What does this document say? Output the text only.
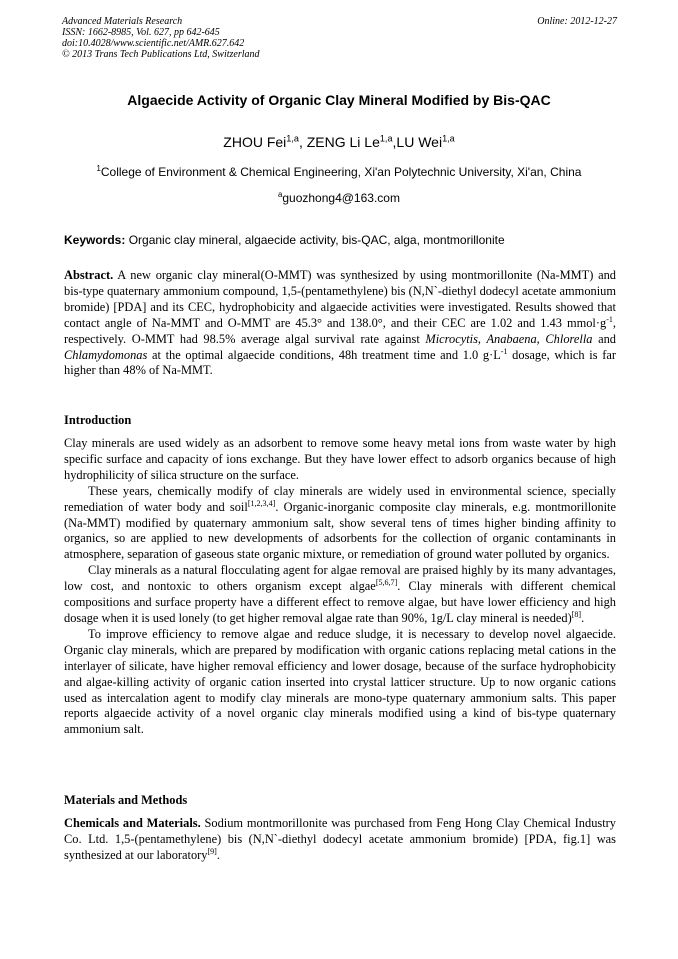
Advanced Materials Research	Online: 2012-12-27
ISSN: 1662-8985, Vol. 627, pp 642-645
doi:10.4028/www.scientific.net/AMR.627.642
© 2013 Trans Tech Publications Ltd, Switzerland
Algaecide Activity of Organic Clay Mineral Modified by Bis-QAC
ZHOU Fei$^{1,a}$, ZENG Li Le$^{1,a}$,LU Wei$^{1,a}$
$^1$College of Environment & Chemical Engineering, Xi'an Polytechnic University, Xi'an, China
$^a$guozhong4@163.com
Keywords: Organic clay mineral, algaecide activity, bis-QAC, alga, montmorillonite

Abstract. A new organic clay mineral(O-MMT) was synthesized by using montmorillonite (Na-MMT) and bis-type quaternary ammonium compound, 1,5-(pentamethylene) bis (N,N`-diethyl dodecyl acetate ammonium bromide) [PDA] and its CEC, hydrophobicity and algaecide activities were investigated. Results showed that contact angle of Na-MMT and O-MMT are 45.3° and 138.0°, and their CEC are 1.02 and 1.43 $mmol\cdot g^{-1}$, respectively. O-MMT had 98.5% average algal survival rate against Microcytis, Anabaena, Chlorella and Chlamydomonas at the optimal algaecide conditions, 48h treatment time and 1.0 $g\cdot L^{-1}$ dosage, which is far higher than 48% of Na-MMT.

Introduction

Clay minerals are used widely as an adsorbent to remove some heavy metal ions from waste water by high specific surface and capacity of ions exchange. But they have lower effect to adsorb organics because of high hydrophilicity of silica structure on the surface.

These years, chemically modify of clay minerals are widely used in environmental science, specially remediation of water body and soil[1,2,3,4]. Organic-inorganic composite clay minerals, e.g. montmorillonite (Na-MMT) modified by quaternary ammonium salt, show several tens of times higher binding affinity to organics, so are applied to new developments of adsorbents for the collection of organic contaminants in atmosphere, separation of gaseous state organic mixture, or remediation of ground water polluted by organics.

Clay minerals as a natural flocculating agent for algae removal are praised highly by its many advantages, low cost, and nontoxic to others organism except algae[5,6,7]. Clay minerals with different chemical compositions and surface property have a different effect to remove algae, but have lower efficiency and high dosage when it is used lonely (to get higher removal algae rate than 90%, 1g/L clay mineral is needed)[8].

To improve efficiency to remove algae and reduce sludge, it is necessary to develop novel algaecide. Organic clay minerals, which are prepared by modification with organic cations replacing metal cations in the interlayer of silicate, have higher removal efficiency and lower dosage, because of the surface hydrophobicity and algae-killing activity of organic cation inserted into crystal latticer structure. Up to now organic cations used as intercalation agent to modify clay minerals are mono-type quaternary ammonium salts. This paper reports algaecide activity of a novel organic clay minerals modified using a kind of bis-type quaternary ammonium salt.

Materials and Methods

Chemicals and Materials. Sodium montmorillonite was purchased from Feng Hong Clay Chemical Industry Co. Ltd. 1,5-(pentamethylene) bis (N,N`-diethyl dodecyl acetate ammonium bromide) [PDA, fig.1] was synthesized at our laboratory[9].
